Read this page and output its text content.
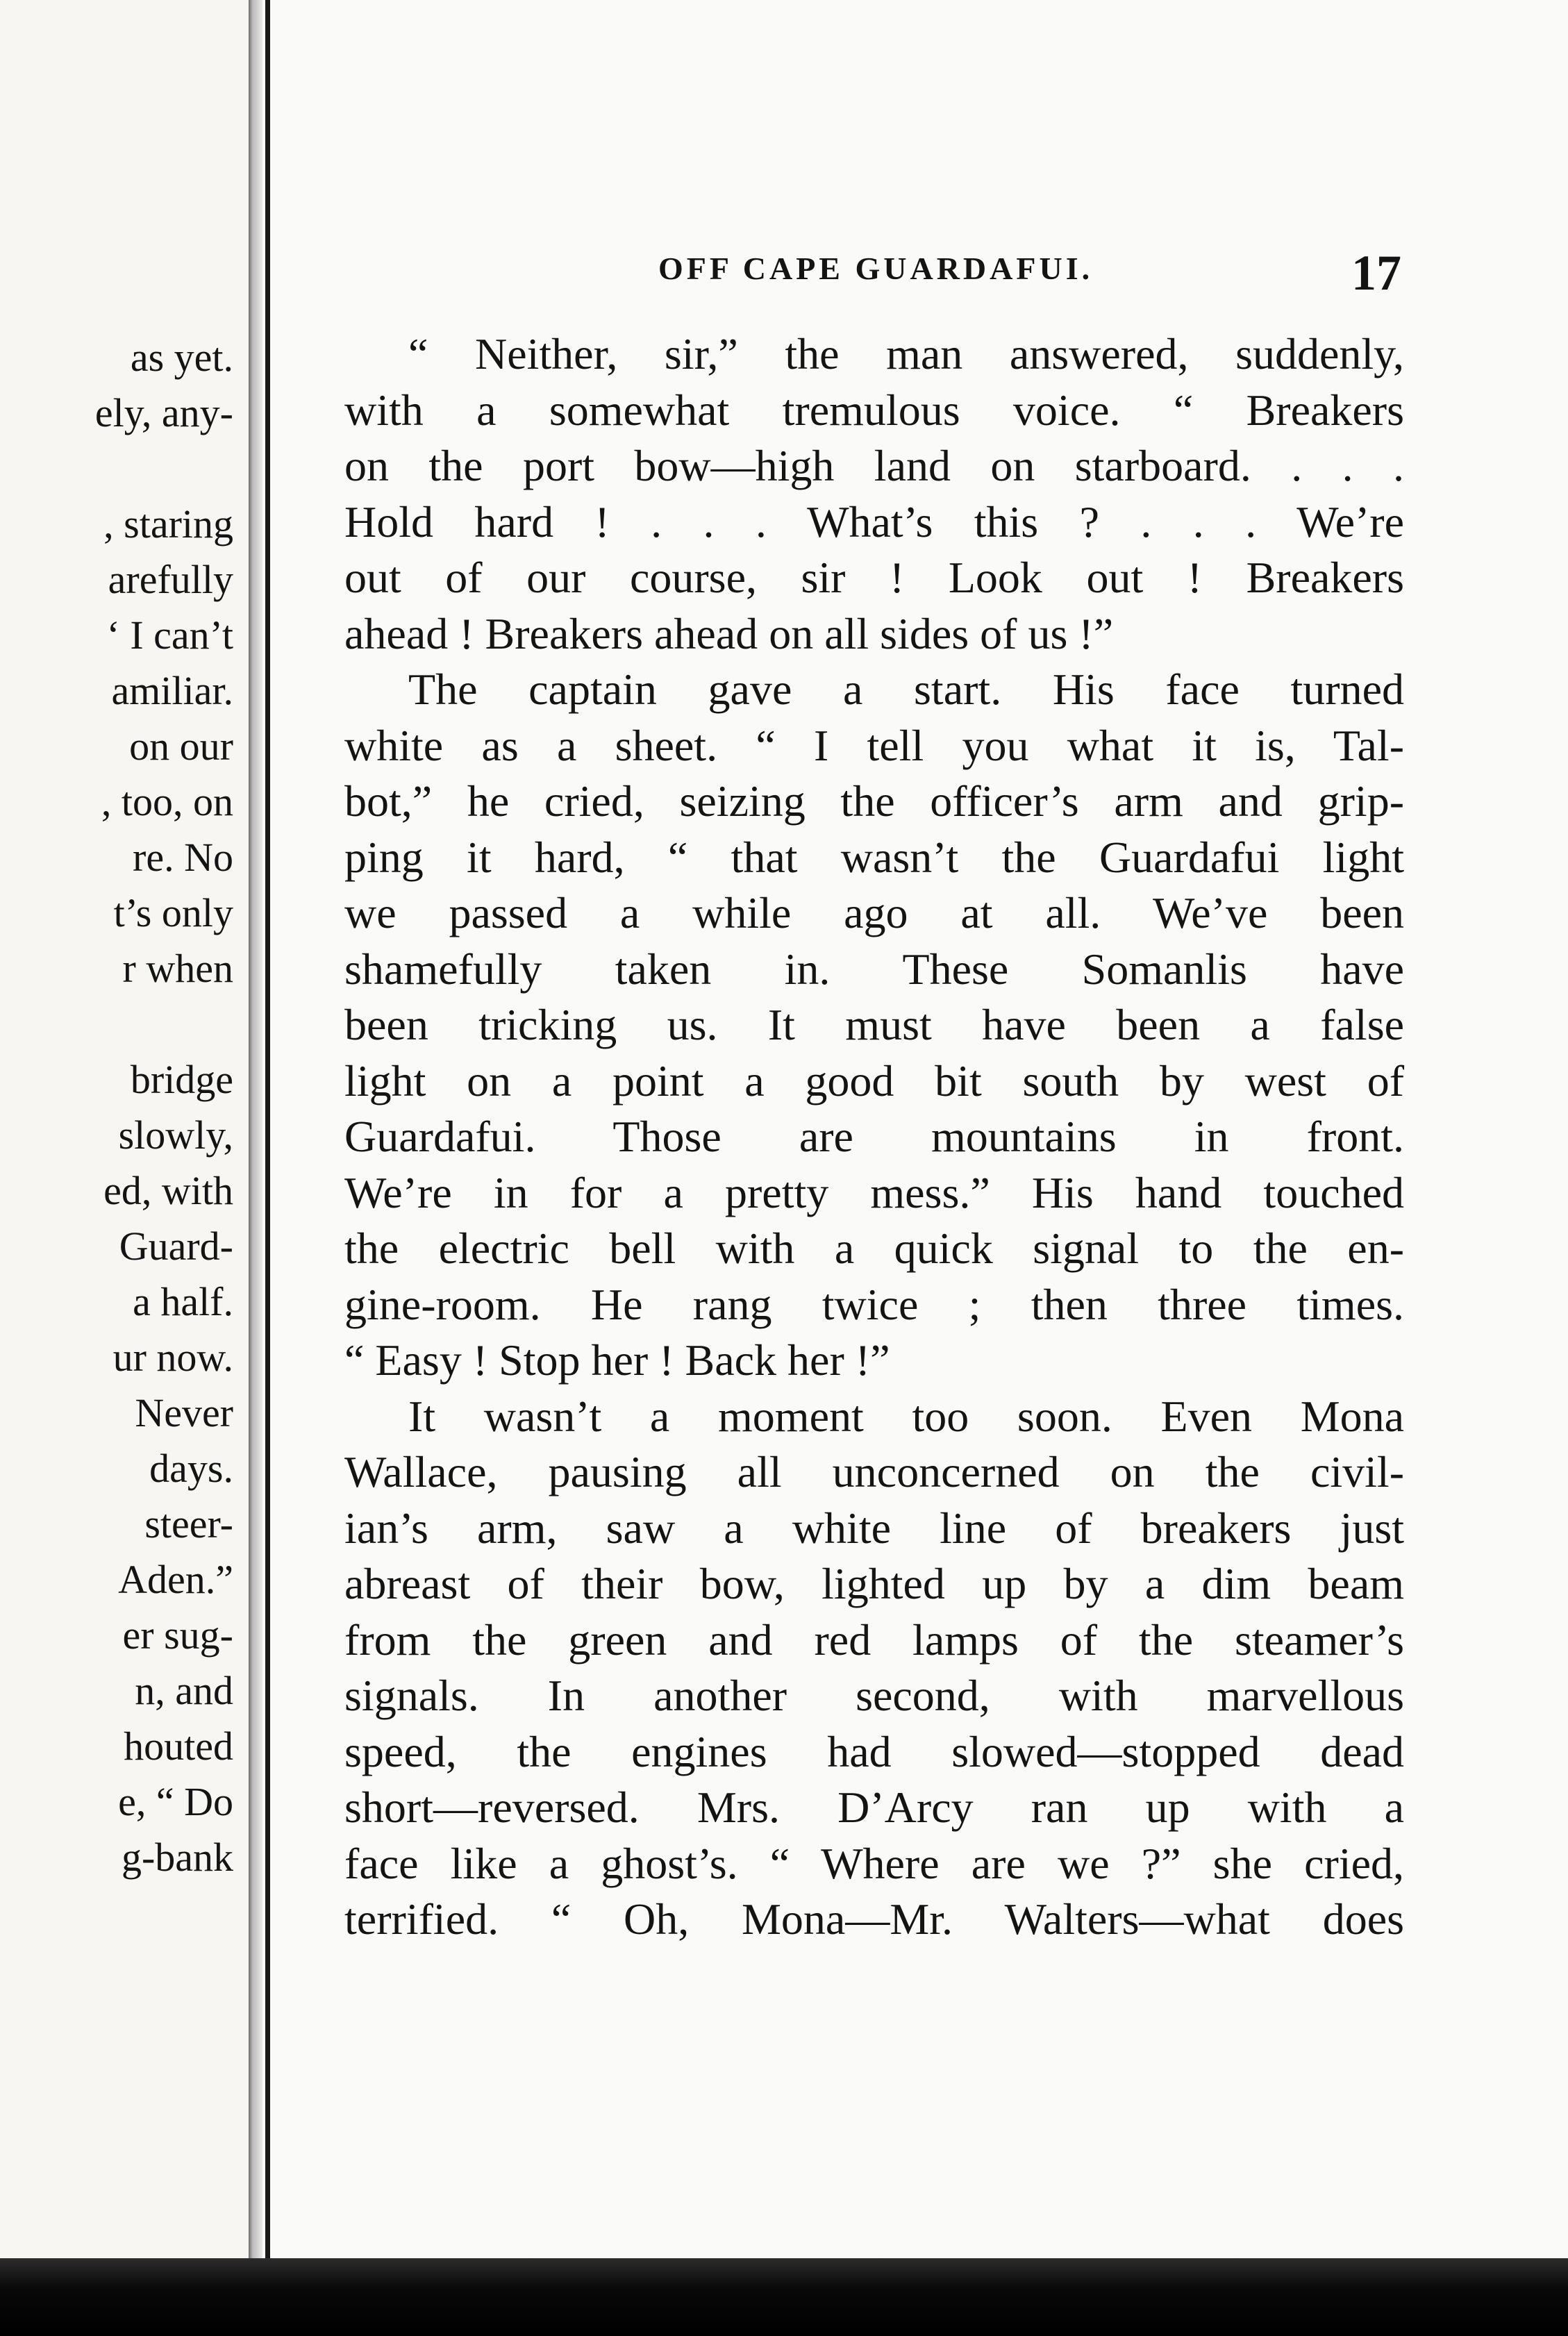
as yet.
ely, any-
, staring
arefully
‘ I can’t
amiliar.
on our
, too, on
re. No
t’s only
r when
bridge
slowly,
ed, with
Guard-
a half.
ur now.
Never
days.
steer-
Aden.”
er sug-
n, and
houted
e, “ Do
g-bank
OFF CAPE GUARDAFUI.	17
“ Neither, sir,” the man answered, suddenly,
with a somewhat tremulous voice. “ Breakers
on the port bow—high land on starboard. . . .
Hold hard ! . . . What’s this ? . . . We’re
out of our course, sir ! Look out ! Breakers
ahead ! Breakers ahead on all sides of us !”
The captain gave a start. His face turned
white as a sheet. “ I tell you what it is, Tal-
bot,” he cried, seizing the officer’s arm and grip-
ping it hard, “ that wasn’t the Guardafui light
we passed a while ago at all. We’ve been
shamefully taken in. These Somanlis have
been tricking us. It must have been a false
light on a point a good bit south by west of
Guardafui. Those are mountains in front.
We’re in for a pretty mess.” His hand touched
the electric bell with a quick signal to the en-
gine-room. He rang twice ; then three times.
“ Easy ! Stop her ! Back her !”
It wasn’t a moment too soon. Even Mona
Wallace, pausing all unconcerned on the civil-
ian’s arm, saw a white line of breakers just
abreast of their bow, lighted up by a dim beam
from the green and red lamps of the steamer’s
signals. In another second, with marvellous
speed, the engines had slowed—stopped dead
short—reversed. Mrs. D’Arcy ran up with a
face like a ghost’s. “ Where are we ?” she cried,
terrified. “ Oh, Mona—Mr. Walters—what does
